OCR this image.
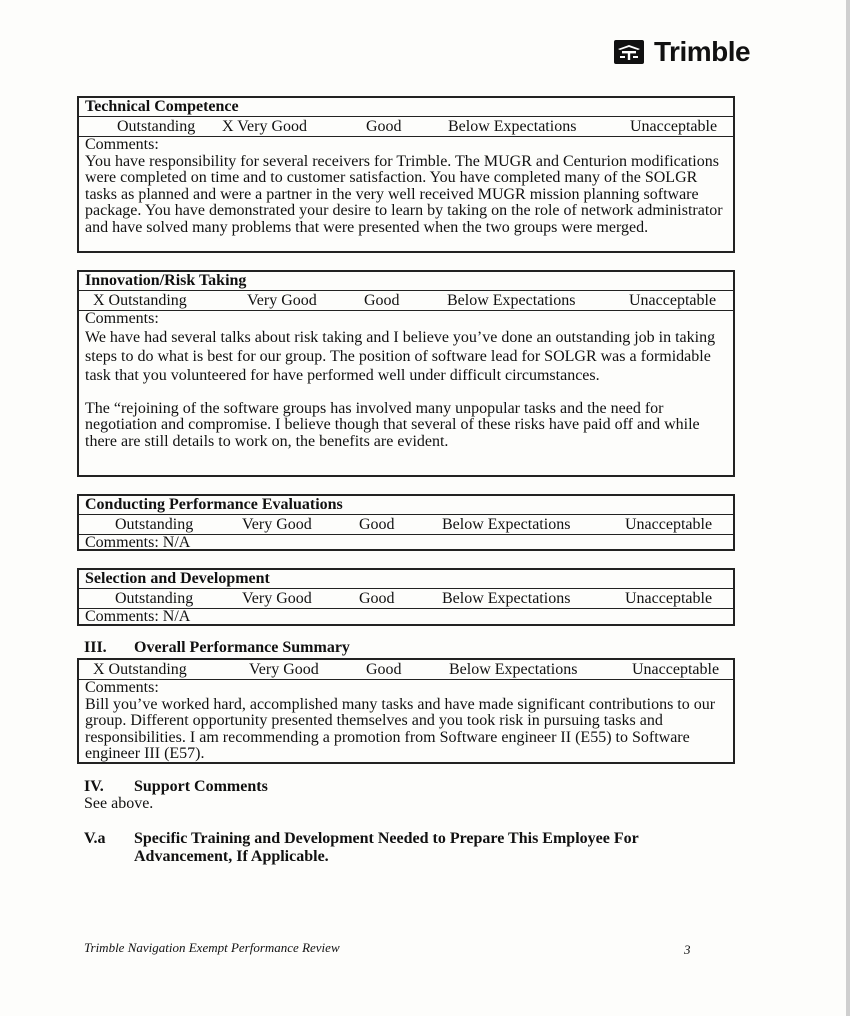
Trimble
Technical Competence
Outstanding X Very Good	Good	Below Expectations	Unacceptable

Comments:

You have responsibility for several receivers for Trimble. The MUGR and Centurion modifications were completed on time and to customer satisfaction. You have completed many of the SOLGR tasks as planned and were a partner in the very well received MUGR mission planning software package. You have demonstrated your desire to learn by taking on the role of network administrator and have solved many problems that were presented when the two groups were merged.

Innovation/Risk Taking
X Outstanding	Very Good	Good	Below Expectations	Unacceptable

Comments:

We have had several talks about risk taking and I believe you’ve done an outstanding job in taking steps to do what is best for our group. The position of software lead for SOLGR was a formidable task that you volunteered for have performed well under difficult circumstances.

The “rejoining of the software groups has involved many unpopular tasks and the need for negotiation and compromise. I believe though that several of these risks have paid off and while there are still details to work on, the benefits are evident.

Conducting Performance Evaluations
Outstanding	Very Good	Good	Below Expectations	Unacceptable

Comments: N/A

Selection and Development
Outstanding	Very Good	Good	Below Expectations	Unacceptable

Comments: N/A

III. Overall Performance Summary
X Outstanding	Very Good	Good	Below Expectations	Unacceptable

Comments:

Bill you’ve worked hard, accomplished many tasks and have made significant contributions to our group. Different opportunity presented themselves and you took risk in pursuing tasks and responsibilities. I am recommending a promotion from Software engineer II (E55) to Software engineer III (E57).

IV. Support Comments
See above.
V.a Specific Training and Development Needed to Prepare This Employee For Advancement, If Applicable.
Trimble Navigation Exempt Performance Review	3
